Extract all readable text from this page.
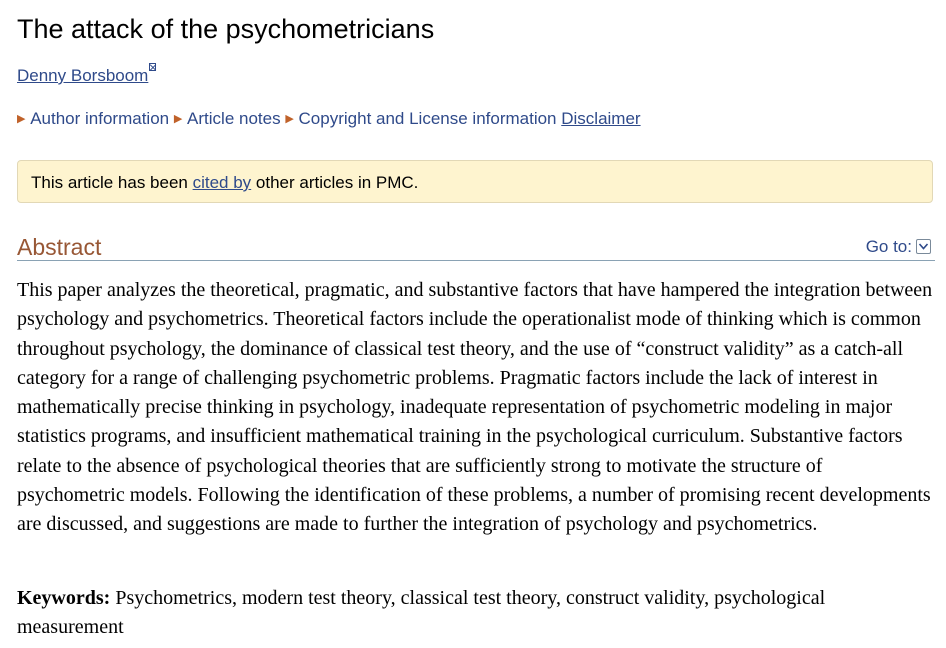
The attack of the psychometricians
Denny Borsboom
▶ Author information ▶ Article notes ▶ Copyright and License information Disclaimer
This article has been cited by other articles in PMC.
Abstract	Go to:

This paper analyzes the theoretical, pragmatic, and substantive factors that have hampered the integration between psychology and psychometrics. Theoretical factors include the operationalist mode of thinking which is common throughout psychology, the dominance of classical test theory, and the use of “construct validity” as a catch-all category for a range of challenging psychometric problems. Pragmatic factors include the lack of interest in mathematically precise thinking in psychology, inadequate representation of psychometric modeling in major statistics programs, and insufficient mathematical training in the psychological curriculum. Substantive factors relate to the absence of psychological theories that are sufficiently strong to motivate the structure of psychometric models. Following the identification of these problems, a number of promising recent developments are discussed, and suggestions are made to further the integration of psychology and psychometrics.

Keywords: Psychometrics, modern test theory, classical test theory, construct validity, psychological measurement
